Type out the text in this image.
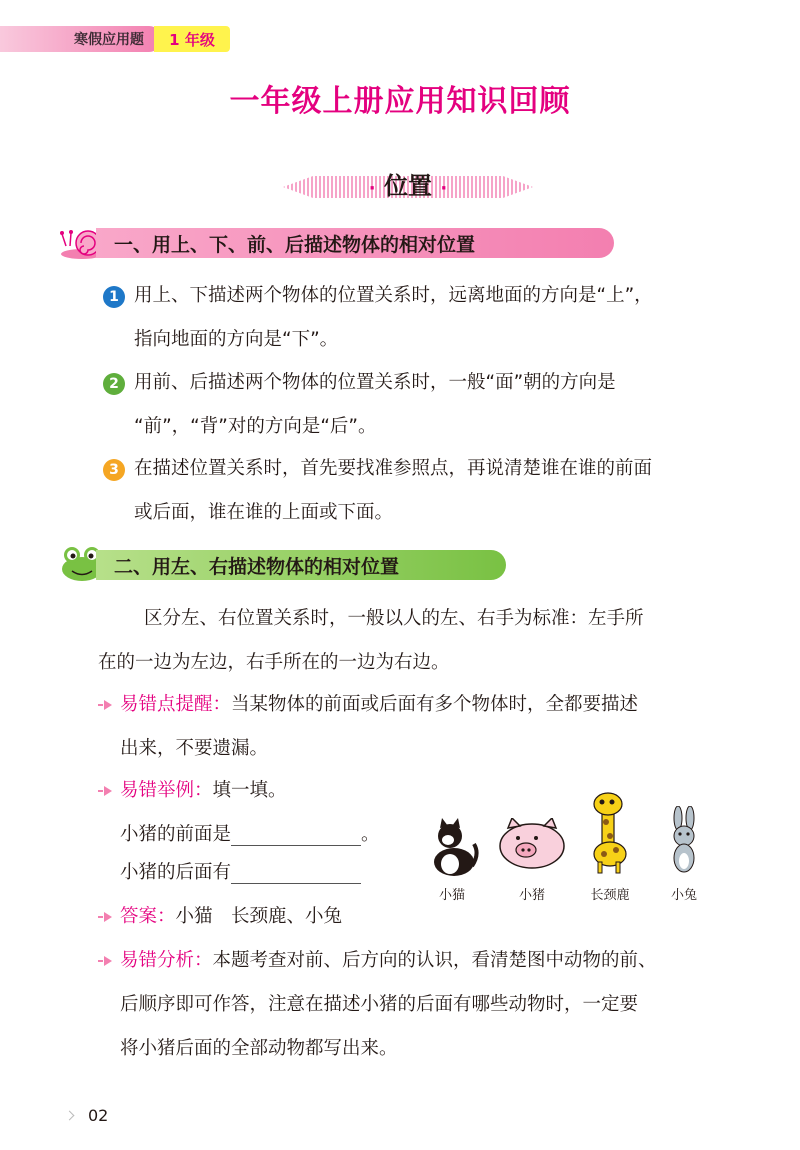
寒假应用题	1 年级
一年级上册应用知识回顾
· 位置 ·
一、用上、下、前、后描述物体的相对位置
1 用上、下描述两个物体的位置关系时，远离地面的方向是“上”，
指向地面的方向是“下”。
2 用前、后描述两个物体的位置关系时，一般“面”朝的方向是
“前”，“背”对的方向是“后”。
3 在描述位置关系时，首先要找准参照点，再说清楚谁在谁的前面
或后面，谁在谁的上面或下面。
二、用左、右描述物体的相对位置
区分左、右位置关系时，一般以人的左、右手为标准：左手所
在的一边为左边，右手所在的一边为右边。
易错点提醒：当某物体的前面或后面有多个物体时，全都要描述
出来，不要遗漏。
易错举例：填一填。
小猪的前面是	。
小猪的后面有
小猫	小猪	长颈鹿	小兔
答案：小猫　长颈鹿、小兔
易错分析：本题考查对前、后方向的认识，看清楚图中动物的前、
后顺序即可作答，注意在描述小猪的后面有哪些动物时，一定要
将小猪后面的全部动物都写出来。
02
